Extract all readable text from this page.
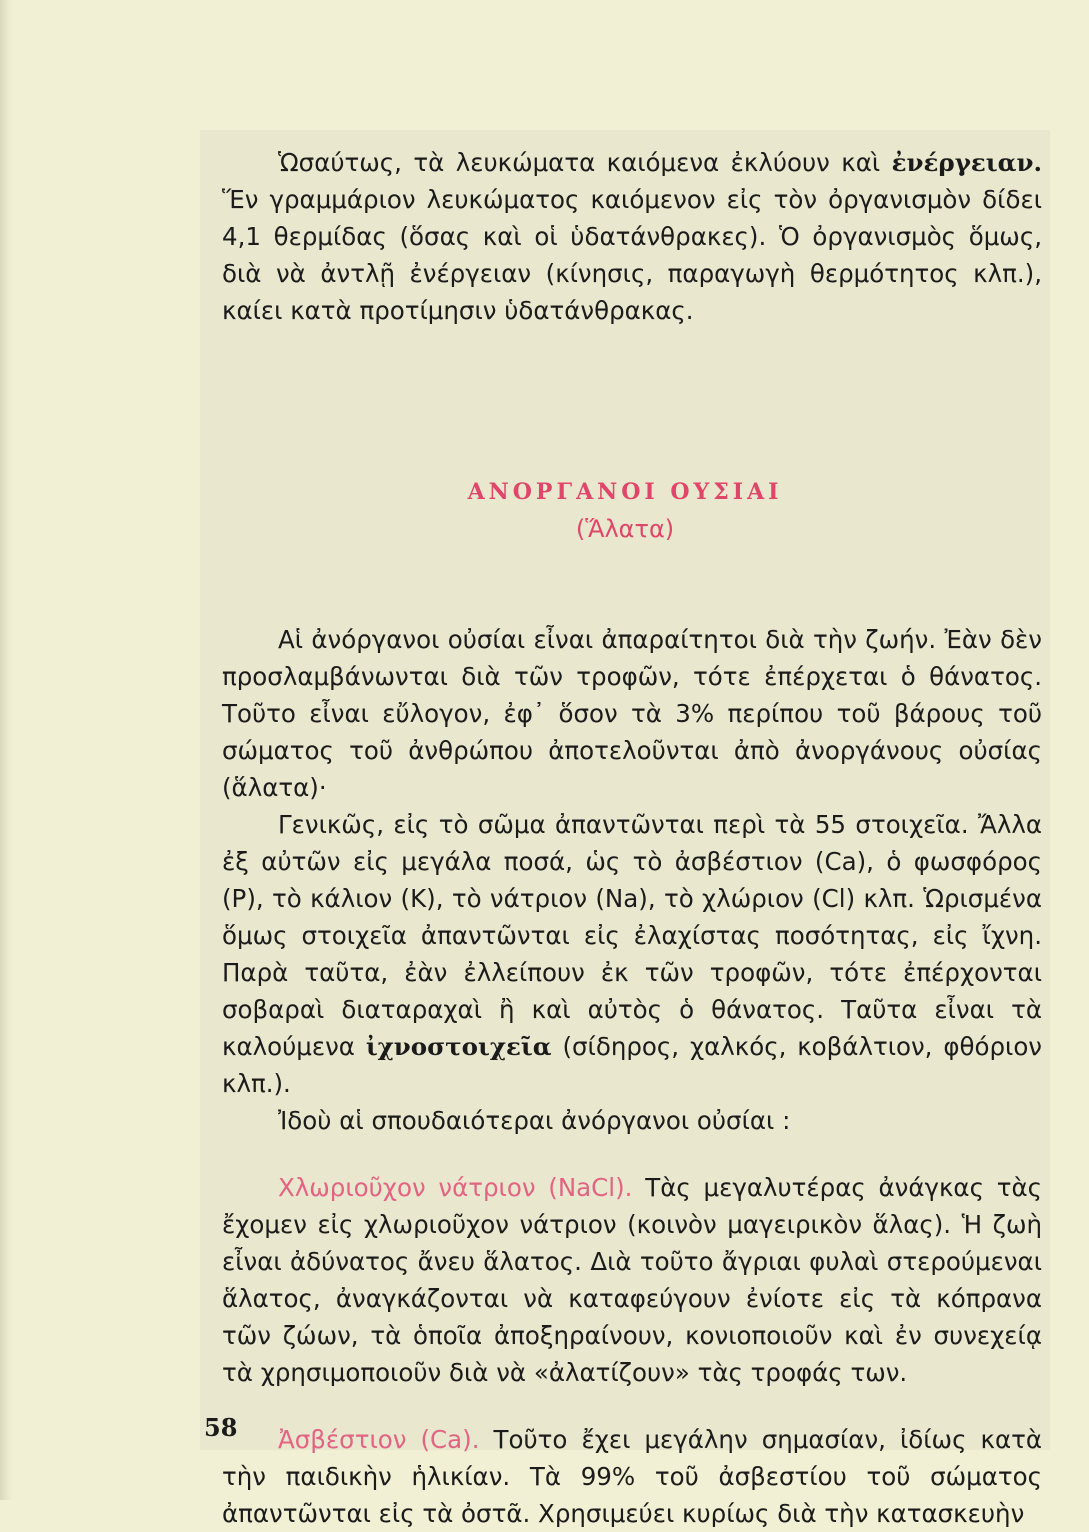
Ὡσαύτως, τὰ λευκώματα καιόμενα ἐκλύουν καὶ ἐνέργειαν. Ἕν γραμμάριον λευκώματος καιόμενον εἰς τὸν ὀργανισμὸν δίδει 4,1 θερμίδας (ὅσας καὶ οἱ ὑδατάνθρακες). Ὁ ὀργανισμὸς ὅμως, διὰ νὰ ἀντλῇ ἐνέργειαν (κίνησις, παραγωγὴ θερμότητος κλπ.), καίει κατὰ προτίμησιν ὑδατάνθρακας.

ΑΝΟΡΓΑΝΟΙ ΟΥΣΙΑΙ
(Ἅλατα)

Αἱ ἀνόργανοι οὐσίαι εἶναι ἀπαραίτητοι διὰ τὴν ζωήν. Ἐὰν δὲν προσλαμβάνωνται διὰ τῶν τροφῶν, τότε ἐπέρχεται ὁ θάνατος. Τοῦτο εἶναι εὔλογον, ἐφ᾿ ὅσον τὰ 3% περίπου τοῦ βάρους τοῦ σώματος τοῦ ἀνθρώπου ἀποτελοῦνται ἀπὸ ἀνοργάνους οὐσίας (ἅλατα)·

Γενικῶς, εἰς τὸ σῶμα ἀπαντῶνται περὶ τὰ 55 στοιχεῖα. Ἄλλα ἐξ αὐτῶν εἰς μεγάλα ποσά, ὡς τὸ ἀσβέστιον (Ca), ὁ φωσφόρος (P), τὸ κάλιον (K), τὸ νάτριον (Na), τὸ χλώριον (Cl) κλπ. Ὡρισμένα ὅμως στοιχεῖα ἀπαντῶνται εἰς ἐλαχίστας ποσότητας, εἰς ἴχνη. Παρὰ ταῦτα, ἐὰν ἐλλείπουν ἐκ τῶν τροφῶν, τότε ἐπέρχονται σοβαραὶ διαταραχαὶ ἢ καὶ αὐτὸς ὁ θάνατος. Ταῦτα εἶναι τὰ καλούμενα ἰχνοστοιχεῖα (σίδηρος, χαλκός, κοβάλτιον, φθόριον κλπ.).

Ἰδοὺ αἱ σπουδαιότεραι ἀνόργανοι οὐσίαι :

Χλωριοῦχον νάτριον (NaCl). Τὰς μεγαλυτέρας ἀνάγκας τὰς ἔχομεν εἰς χλωριοῦχον νάτριον (κοινὸν μαγειρικὸν ἅλας). Ἡ ζωὴ εἶναι ἀδύνατος ἄνευ ἅλατος. Διὰ τοῦτο ἄγριαι φυλαὶ στερούμεναι ἅλατος, ἀναγκάζονται νὰ καταφεύγουν ἐνίοτε εἰς τὰ κόπρανα τῶν ζώων, τὰ ὁποῖα ἀποξηραίνουν, κονιοποιοῦν καὶ ἐν συνεχείᾳ τὰ χρησιμοποιοῦν διὰ νὰ «ἀλατίζουν» τὰς τροφάς των.

Ἀσβέστιον (Ca). Τοῦτο ἔχει μεγάλην σημασίαν, ἰδίως κατὰ τὴν παιδικὴν ἡλικίαν. Τὰ 99% τοῦ ἀσβεστίου τοῦ σώματος ἀπαντῶνται εἰς τὰ ὀστᾶ. Χρησιμεύει κυρίως διὰ τὴν κατασκευὴν

58
